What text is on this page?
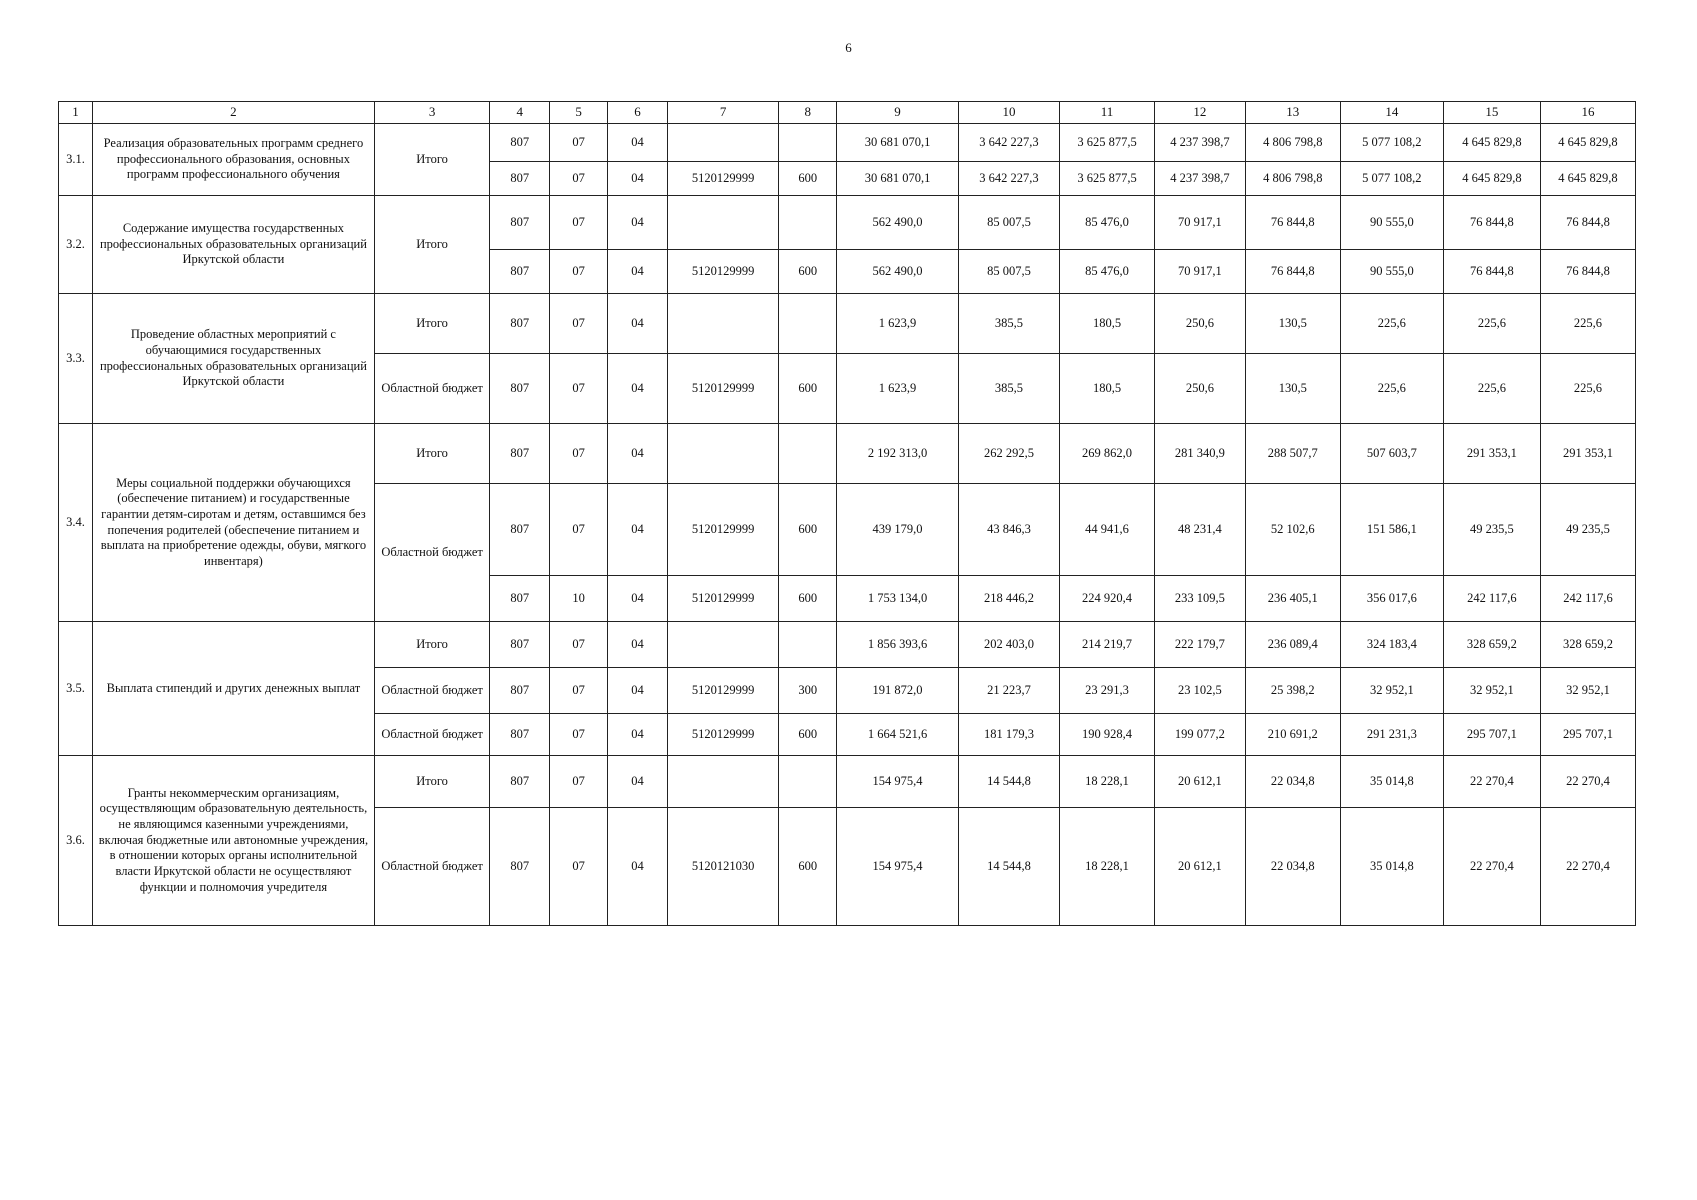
6
1	2	3	4	5	6	7	8	9	10	11	12	13	14	15	16
3.1.	Реализация образовательных программ среднего профессионального образования, основных программ профессионального обучения	Итого	807	07	04			30 681 070,1	3 642 227,3	3 625 877,5	4 237 398,7	4 806 798,8	5 077 108,2	4 645 829,8	4 645 829,8
			807	07	04	5120129999	600	30 681 070,1	3 642 227,3	3 625 877,5	4 237 398,7	4 806 798,8	5 077 108,2	4 645 829,8	4 645 829,8
3.2.	Содержание имущества государственных профессиональных образовательных организаций Иркутской области	Итого	807	07	04			562 490,0	85 007,5	85 476,0	70 917,1	76 844,8	90 555,0	76 844,8	76 844,8
			807	07	04	5120129999	600	562 490,0	85 007,5	85 476,0	70 917,1	76 844,8	90 555,0	76 844,8	76 844,8
3.3.	Проведение областных мероприятий с обучающимися государственных профессиональных образовательных организаций Иркутской области	Итого	807	07	04			1 623,9	385,5	180,5	250,6	130,5	225,6	225,6	225,6
		Областной бюджет	807	07	04	5120129999	600	1 623,9	385,5	180,5	250,6	130,5	225,6	225,6	225,6
3.4.	Меры социальной поддержки обучающихся (обеспечение питанием) и государственные гарантии детям-сиротам и детям, оставшимся без попечения родителей (обеспечение питанием и выплата на приобретение одежды, обуви, мягкого инвентаря)	Итого	807	07	04			2 192 313,0	262 292,5	269 862,0	281 340,9	288 507,7	507 603,7	291 353,1	291 353,1
		Областной бюджет	807	07	04	5120129999	600	439 179,0	43 846,3	44 941,6	48 231,4	52 102,6	151 586,1	49 235,5	49 235,5
			807	10	04	5120129999	600	1 753 134,0	218 446,2	224 920,4	233 109,5	236 405,1	356 017,6	242 117,6	242 117,6
3.5.	Выплата стипендий и других денежных выплат	Итого	807	07	04			1 856 393,6	202 403,0	214 219,7	222 179,7	236 089,4	324 183,4	328 659,2	328 659,2
		Областной бюджет	807	07	04	5120129999	300	191 872,0	21 223,7	23 291,3	23 102,5	25 398,2	32 952,1	32 952,1	32 952,1
		Областной бюджет	807	07	04	5120129999	600	1 664 521,6	181 179,3	190 928,4	199 077,2	210 691,2	291 231,3	295 707,1	295 707,1
3.6.	Гранты некоммерческим организациям, осуществляющим образовательную деятельность, не являющимся казенными учреждениями, включая бюджетные или автономные учреждения, в отношении которых органы исполнительной власти Иркутской области не осуществляют функции и полномочия учредителя	Итого	807	07	04			154 975,4	14 544,8	18 228,1	20 612,1	22 034,8	35 014,8	22 270,4	22 270,4
		Областной бюджет	807	07	04	5120121030	600	154 975,4	14 544,8	18 228,1	20 612,1	22 034,8	35 014,8	22 270,4	22 270,4
